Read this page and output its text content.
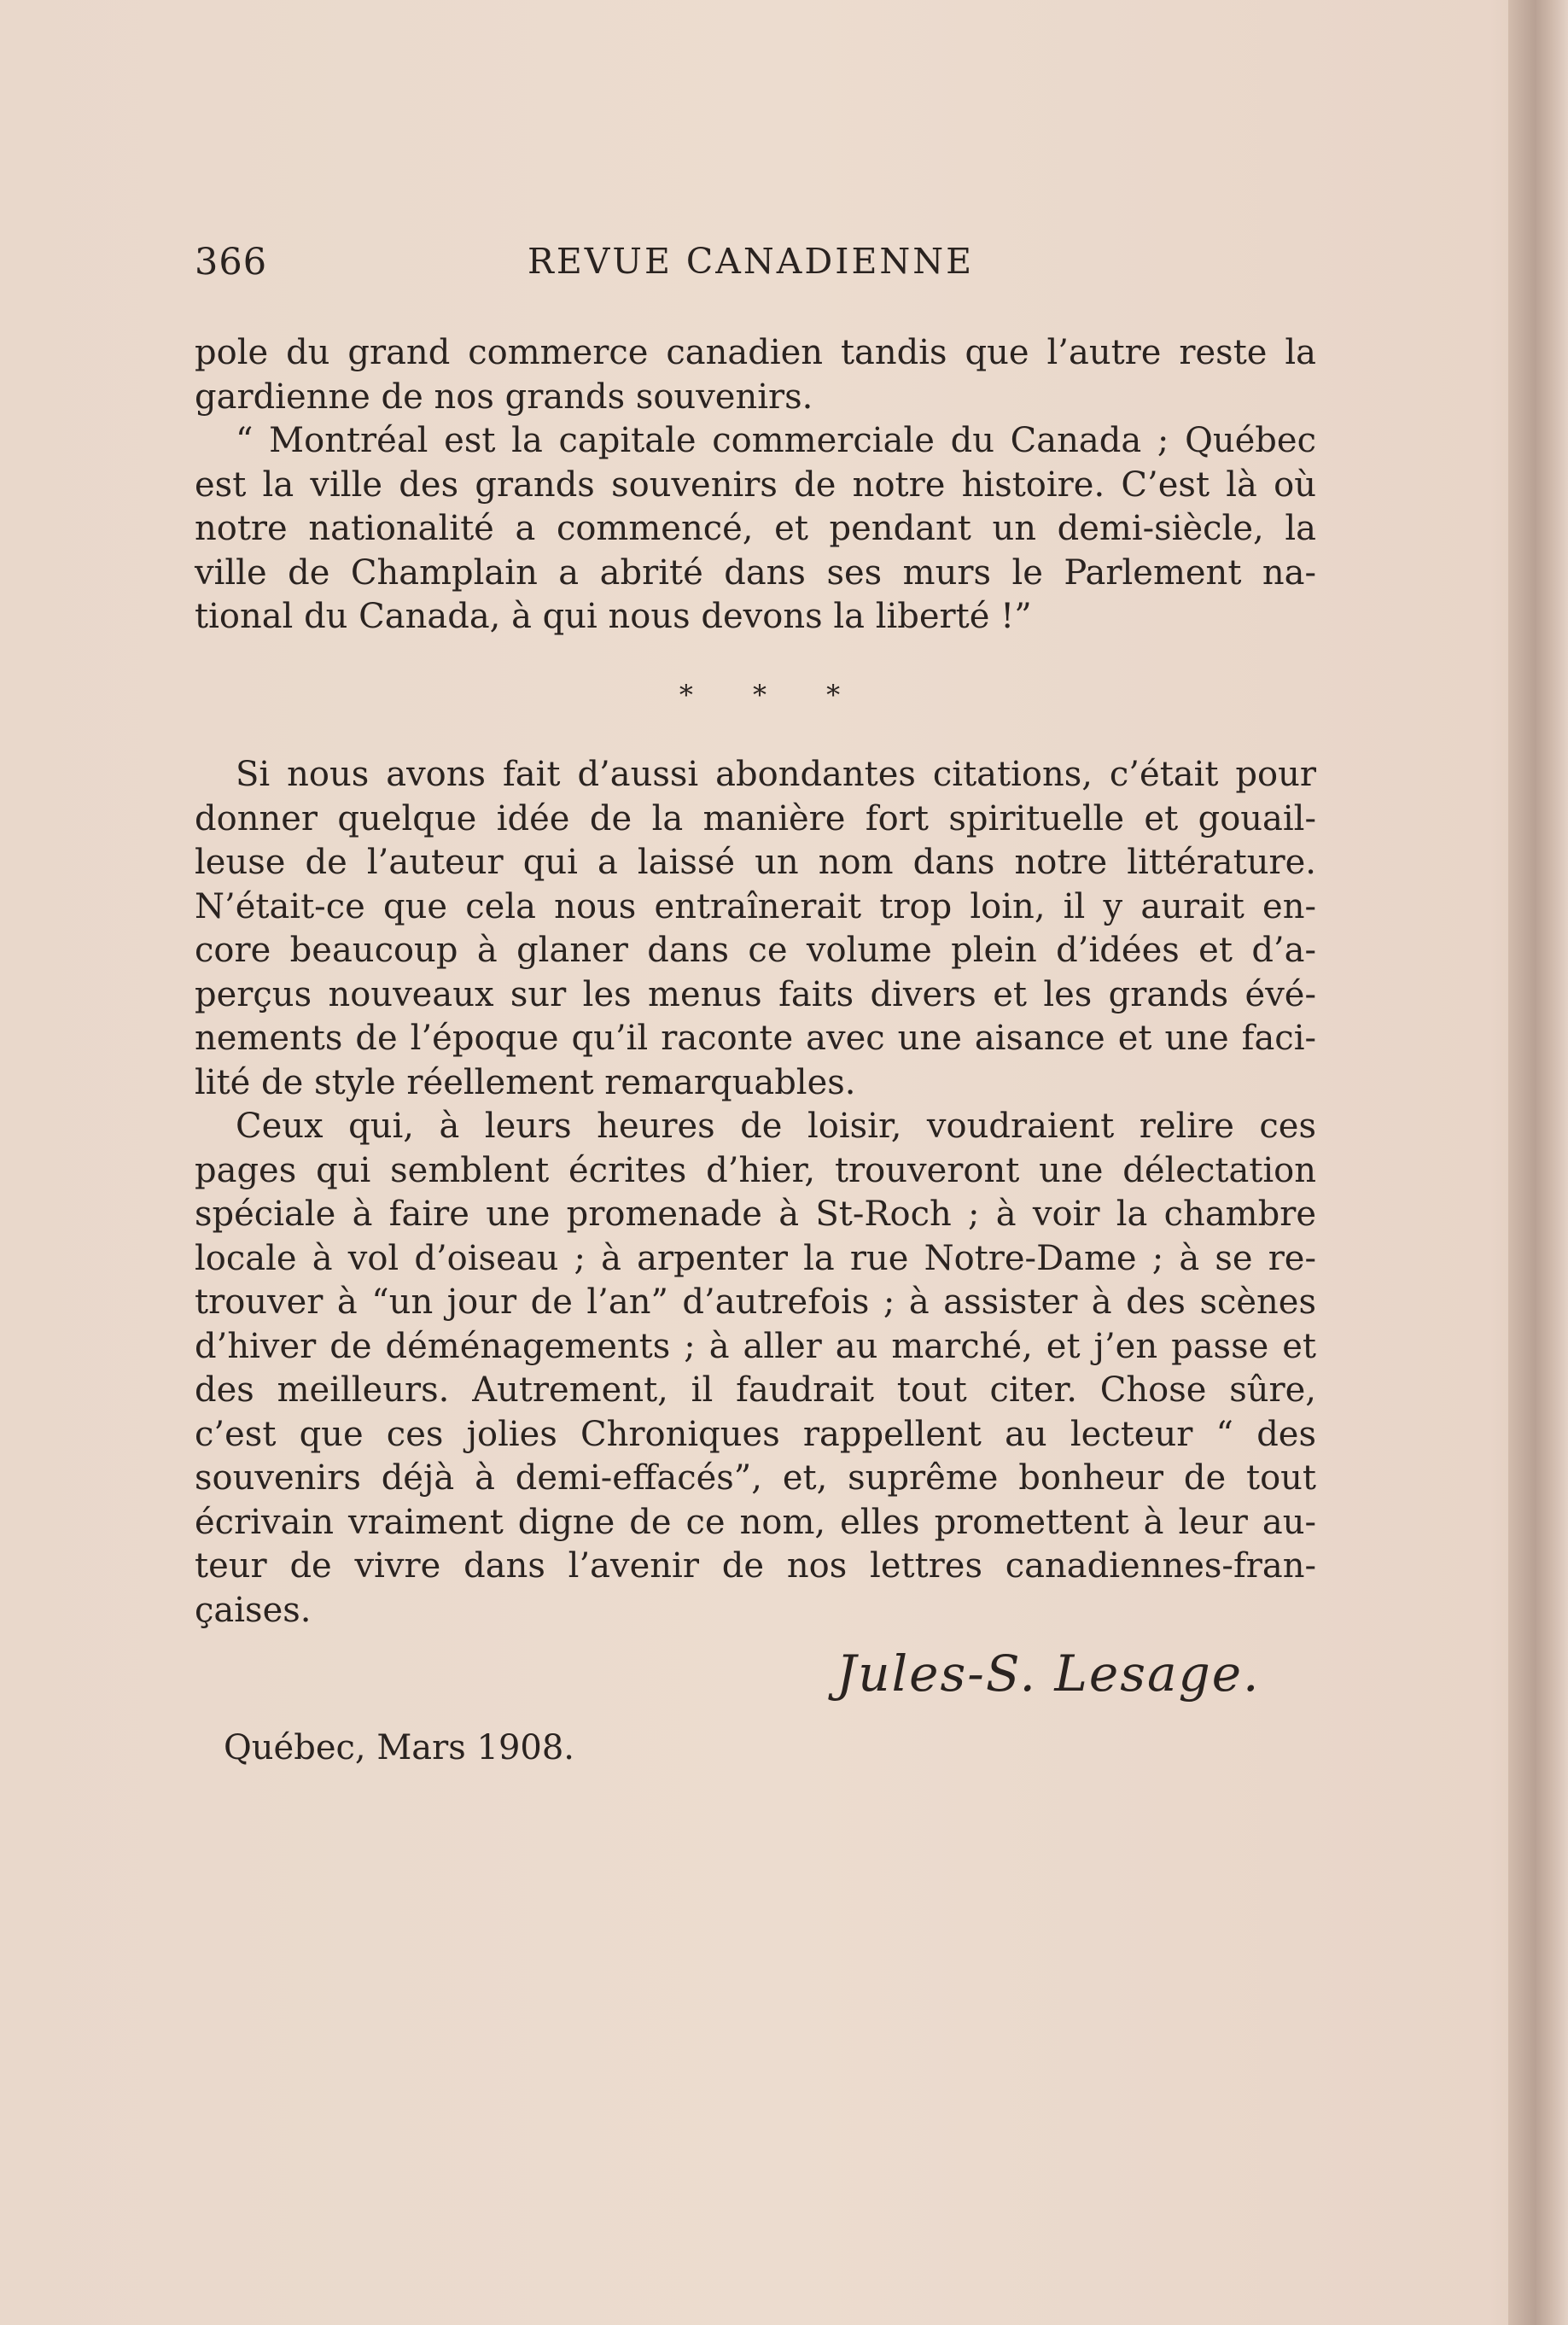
366	REVUE CANADIENNE

pole du grand commerce canadien tandis que l’autre reste la
gardienne de nos grands souvenirs.

“ Montréal est la capitale commerciale du Canada ; Québec
est la ville des grands souvenirs de notre histoire. C’est là où
notre nationalité a commencé, et pendant un demi-siècle, la
ville de Champlain a abrité dans ses murs le Parlement na-
tional du Canada, à qui nous devons la liberté !”

* * *

Si nous avons fait d’aussi abondantes citations, c’était pour
donner quelque idée de la manière fort spirituelle et gouail-
leuse de l’auteur qui a laissé un nom dans notre littérature.
N’était-ce que cela nous entraînerait trop loin, il y aurait en-
core beaucoup à glaner dans ce volume plein d’idées et d’a-
perçus nouveaux sur les menus faits divers et les grands évé-
nements de l’époque qu’il raconte avec une aisance et une faci-
lité de style réellement remarquables.

Ceux qui, à leurs heures de loisir, voudraient relire ces
pages qui semblent écrites d’hier, trouveront une délectation
spéciale à faire une promenade à St-Roch ; à voir la chambre
locale à vol d’oiseau ; à arpenter la rue Notre-Dame ; à se re-
trouver à “un jour de l’an” d’autrefois ; à assister à des scènes
d’hiver de déménagements ; à aller au marché, et j’en passe et
des meilleurs. Autrement, il faudrait tout citer. Chose sûre,
c’est que ces jolies Chroniques rappellent au lecteur “ des
souvenirs déjà à demi-effacés”, et, suprême bonheur de tout
écrivain vraiment digne de ce nom, elles promettent à leur au-
teur de vivre dans l’avenir de nos lettres canadiennes-fran-
çaises.

Jules-S. Lesage.
Québec, Mars 1908.
